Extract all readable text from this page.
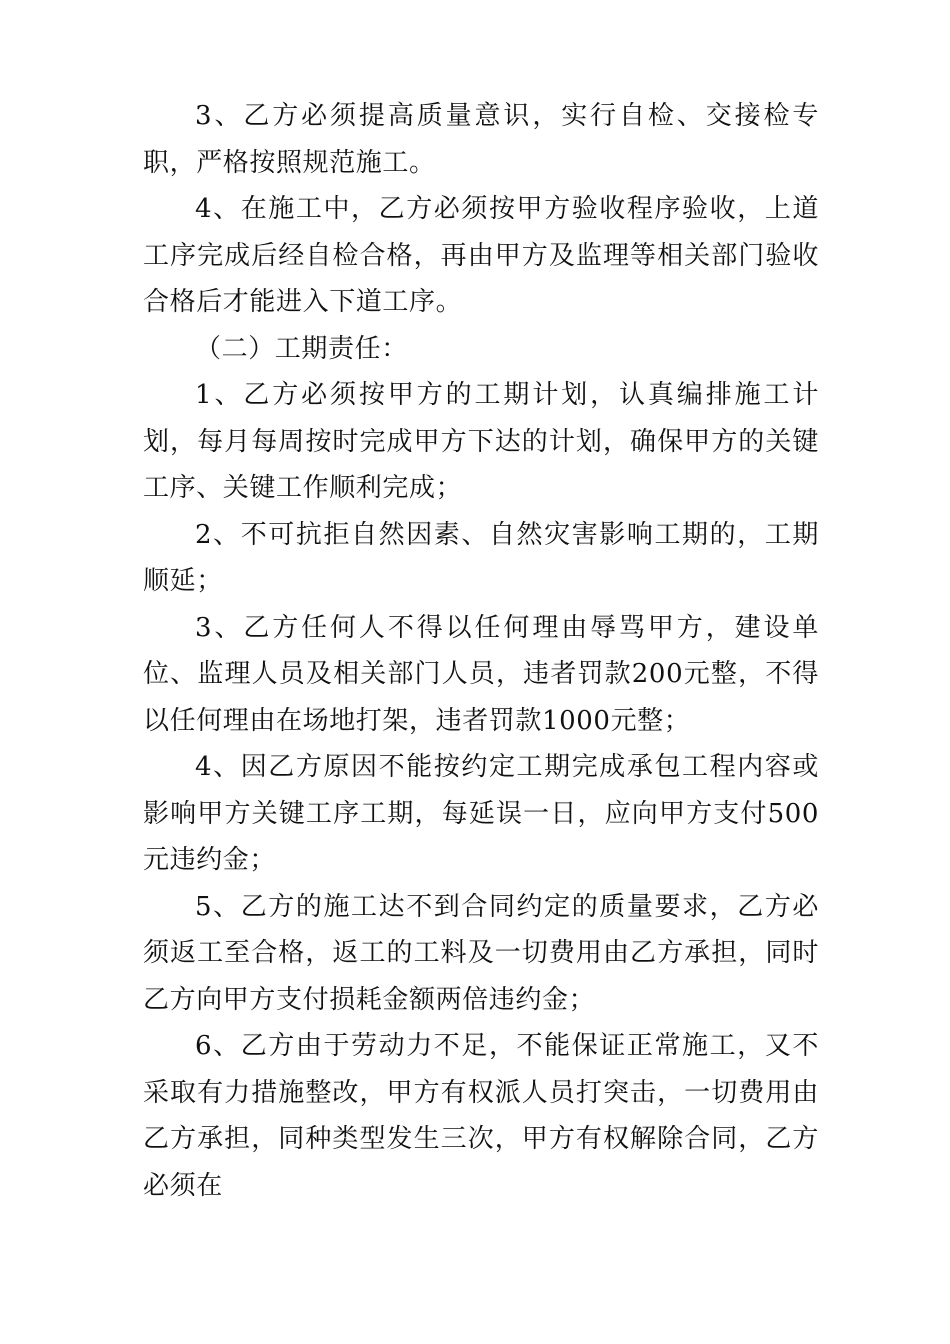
3、乙方必须提高质量意识，实行自检、交接检专职，严格按照规范施工。

4、在施工中，乙方必须按甲方验收程序验收，上道工序完成后经自检合格，再由甲方及监理等相关部门验收合格后才能进入下道工序。

（二）工期责任：

1、乙方必须按甲方的工期计划，认真编排施工计划，每月每周按时完成甲方下达的计划，确保甲方的关键工序、关键工作顺利完成；

2、不可抗拒自然因素、自然灾害影响工期的，工期顺延；

3、乙方任何人不得以任何理由辱骂甲方，建设单位、监理人员及相关部门人员，违者罚款200元整，不得以任何理由在场地打架，违者罚款1000元整；

4、因乙方原因不能按约定工期完成承包工程内容或影响甲方关键工序工期，每延误一日，应向甲方支付500元违约金；

5、乙方的施工达不到合同约定的质量要求，乙方必须返工至合格，返工的工料及一切费用由乙方承担，同时乙方向甲方支付损耗金额两倍违约金；

6、乙方由于劳动力不足，不能保证正常施工，又不采取有力措施整改，甲方有权派人员打突击，一切费用由乙方承担，同种类型发生三次，甲方有权解除合同，乙方必须在
